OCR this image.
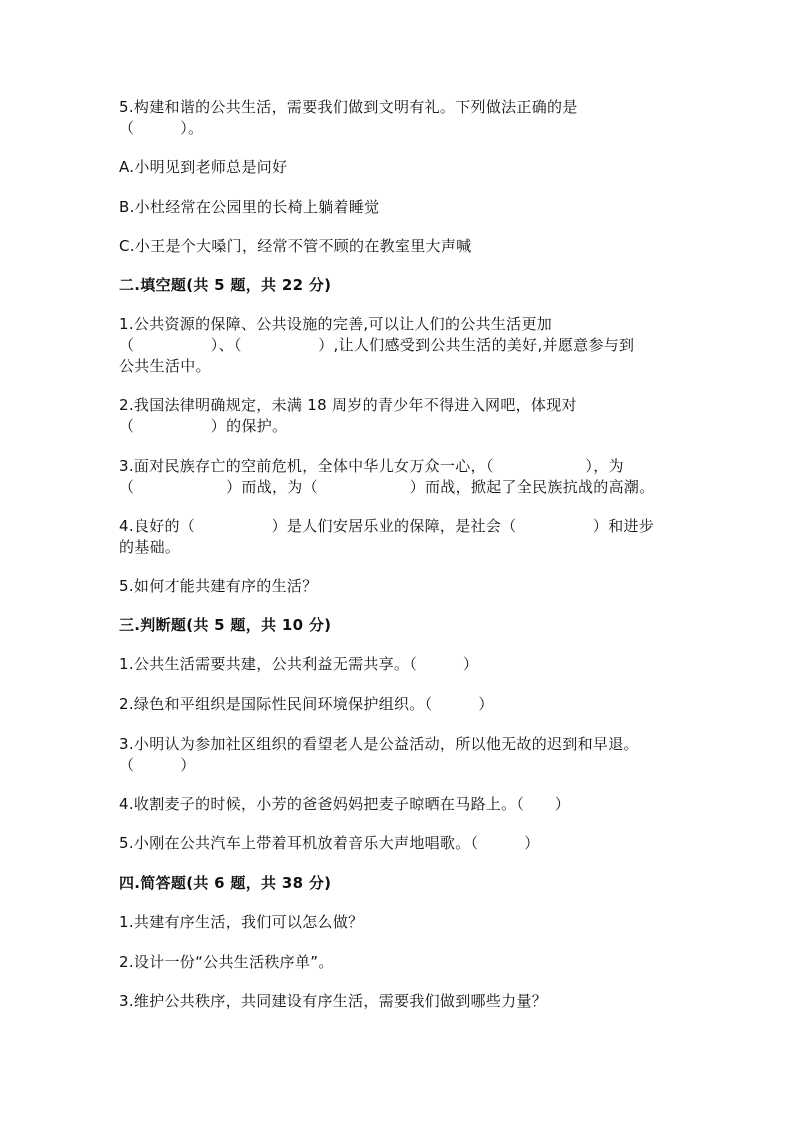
5.构建和谐的公共生活，需要我们做到文明有礼。下列做法正确的是
（　　　）。
A.小明见到老师总是问好
B.小杜经常在公园里的长椅上躺着睡觉
C.小王是个大嗓门，经常不管不顾的在教室里大声喊
二.填空题(共 5 题，共 22 分)
1.公共资源的保障、公共设施的完善,可以让人们的公共生活更加
（　　　　　）、（　　　　　）,让人们感受到公共生活的美好,并愿意参与到
公共生活中。
2.我国法律明确规定，未满 18 周岁的青少年不得进入网吧，体现对
（　　　　　）的保护。
3.面对民族存亡的空前危机，全体中华儿女万众一心，（　　　　　　），为
（　　　　　　）而战，为（　　　　　　）而战，掀起了全民族抗战的高潮。
4.良好的（　　　　　）是人们安居乐业的保障，是社会（　　　　　）和进步
的基础。
5.如何才能共建有序的生活？
三.判断题(共 5 题，共 10 分)
1.公共生活需要共建，公共利益无需共享。（　　　）
2.绿色和平组织是国际性民间环境保护组织。（　　　）
3.小明认为参加社区组织的看望老人是公益活动，所以他无故的迟到和早退。
（　　　）
4.收割麦子的时候，小芳的爸爸妈妈把麦子晾晒在马路上。（　　）
5.小刚在公共汽车上带着耳机放着音乐大声地唱歌。（　　　）
四.简答题(共 6 题，共 38 分)
1.共建有序生活，我们可以怎么做？
2.设计一份“公共生活秩序单”。
3.维护公共秩序，共同建设有序生活，需要我们做到哪些力量？
